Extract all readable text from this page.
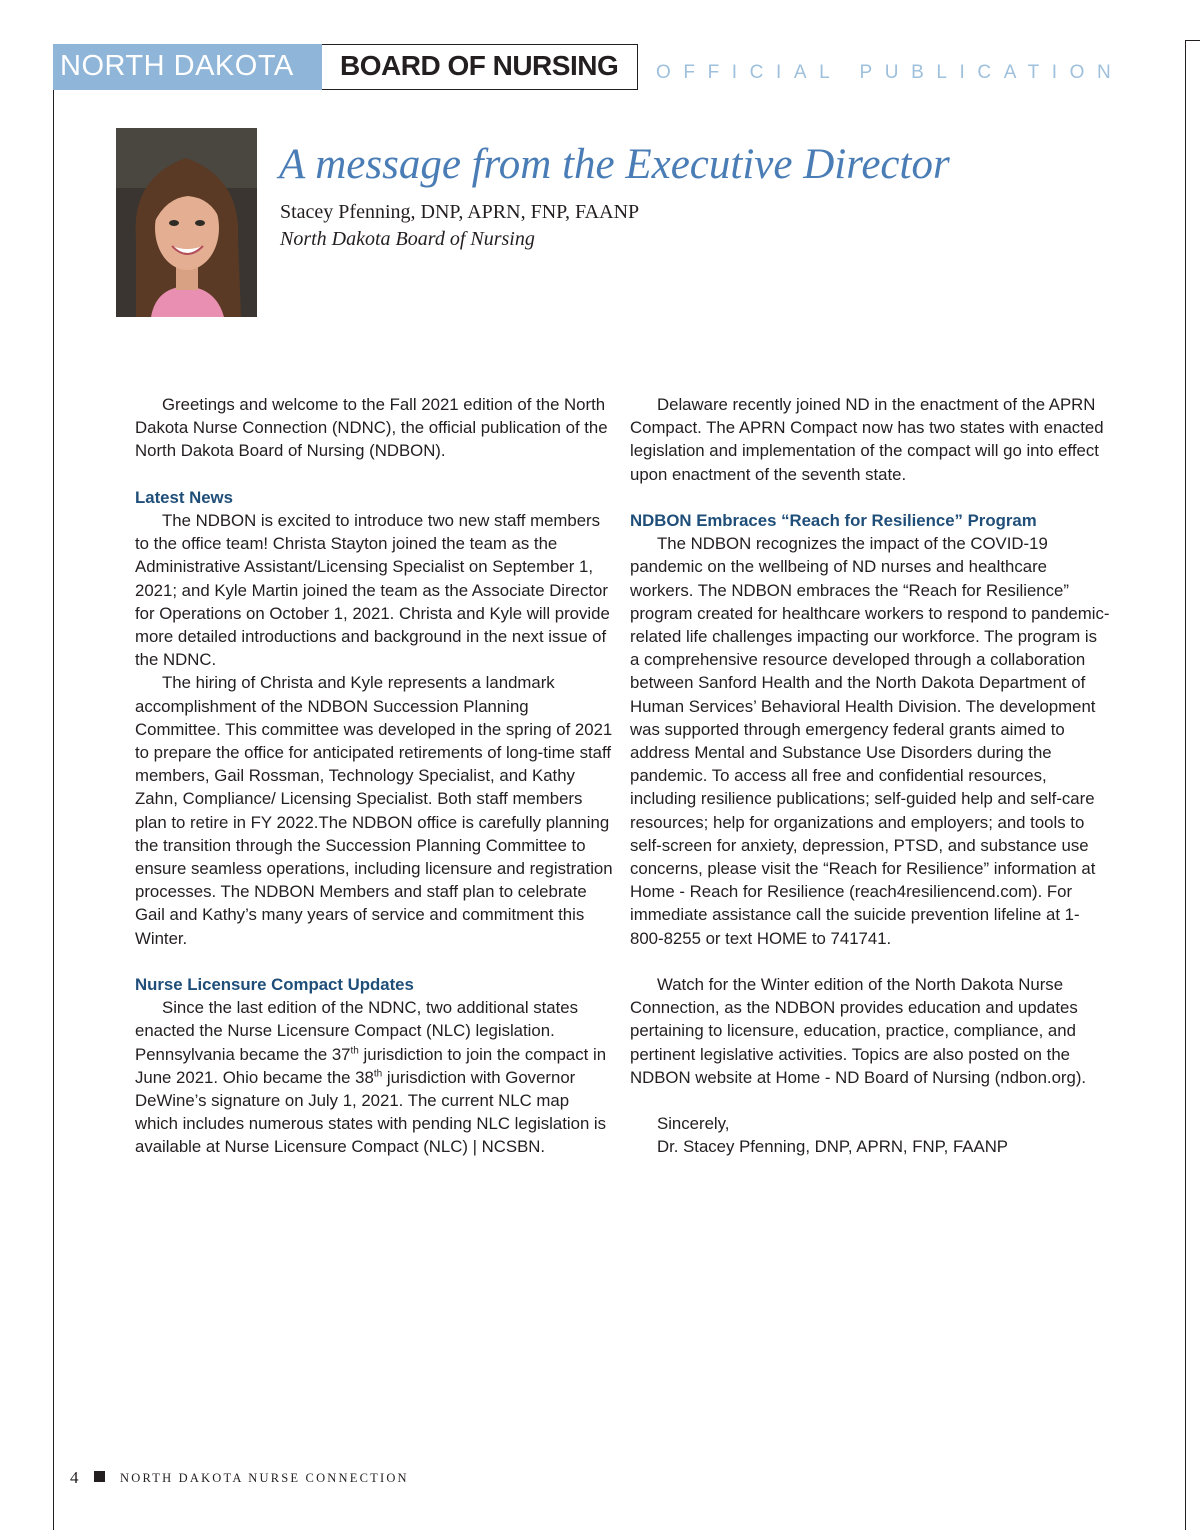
NORTH DAKOTA BOARD OF NURSING OFFICIAL PUBLICATION
A message from the Executive Director
Stacey Pfenning, DNP, APRN, FNP, FAANP
North Dakota Board of Nursing

Greetings and welcome to the Fall 2021 edition of the North Dakota Nurse Connection (NDNC), the official publication of the North Dakota Board of Nursing (NDBON).

Latest News

The NDBON is excited to introduce two new staff members to the office team! Christa Stayton joined the team as the Administrative Assistant/Licensing Specialist on September 1, 2021; and Kyle Martin joined the team as the Associate Director for Operations on October 1, 2021. Christa and Kyle will provide more detailed introductions and background in the next issue of the NDNC.

The hiring of Christa and Kyle represents a landmark accomplishment of the NDBON Succession Planning Committee. This committee was developed in the spring of 2021 to prepare the office for anticipated retirements of long-time staff members, Gail Rossman, Technology Specialist, and Kathy Zahn, Compliance/ Licensing Specialist. Both staff members plan to retire in FY 2022.The NDBON office is carefully planning the transition through the Succession Planning Committee to ensure seamless operations, including licensure and registration processes. The NDBON Members and staff plan to celebrate Gail and Kathy’s many years of service and commitment this Winter.

Nurse Licensure Compact Updates

Since the last edition of the NDNC, two additional states enacted the Nurse Licensure Compact (NLC) legislation. Pennsylvania became the 37th jurisdiction to join the compact in June 2021. Ohio became the 38th jurisdiction with Governor DeWine’s signature on July 1, 2021. The current NLC map which includes numerous states with pending NLC legislation is available at Nurse Licensure Compact (NLC) | NCSBN.

Delaware recently joined ND in the enactment of the APRN Compact. The APRN Compact now has two states with enacted legislation and implementation of the compact will go into effect upon enactment of the seventh state.

NDBON Embraces “Reach for Resilience” Program

The NDBON recognizes the impact of the COVID-19 pandemic on the wellbeing of ND nurses and healthcare workers. The NDBON embraces the “Reach for Resilience” program created for healthcare workers to respond to pandemic-related life challenges impacting our workforce. The program is a comprehensive resource developed through a collaboration between Sanford Health and the North Dakota Department of Human Services’ Behavioral Health Division. The development was supported through emergency federal grants aimed to address Mental and Substance Use Disorders during the pandemic. To access all free and confidential resources, including resilience publications; self-guided help and self-care resources; help for organizations and employers; and tools to self-screen for anxiety, depression, PTSD, and substance use concerns, please visit the “Reach for Resilience” information at Home - Reach for Resilience (reach4resiliencend.com). For immediate assistance call the suicide prevention lifeline at 1-800-8255 or text HOME to 741741.

Watch for the Winter edition of the North Dakota Nurse Connection, as the NDBON provides education and updates pertaining to licensure, education, practice, compliance, and pertinent legislative activities. Topics are also posted on the NDBON website at Home - ND Board of Nursing (ndbon.org).

Sincerely,

Dr. Stacey Pfenning, DNP, APRN, FNP, FAANP

4	NORTH DAKOTA NURSE CONNECTION
